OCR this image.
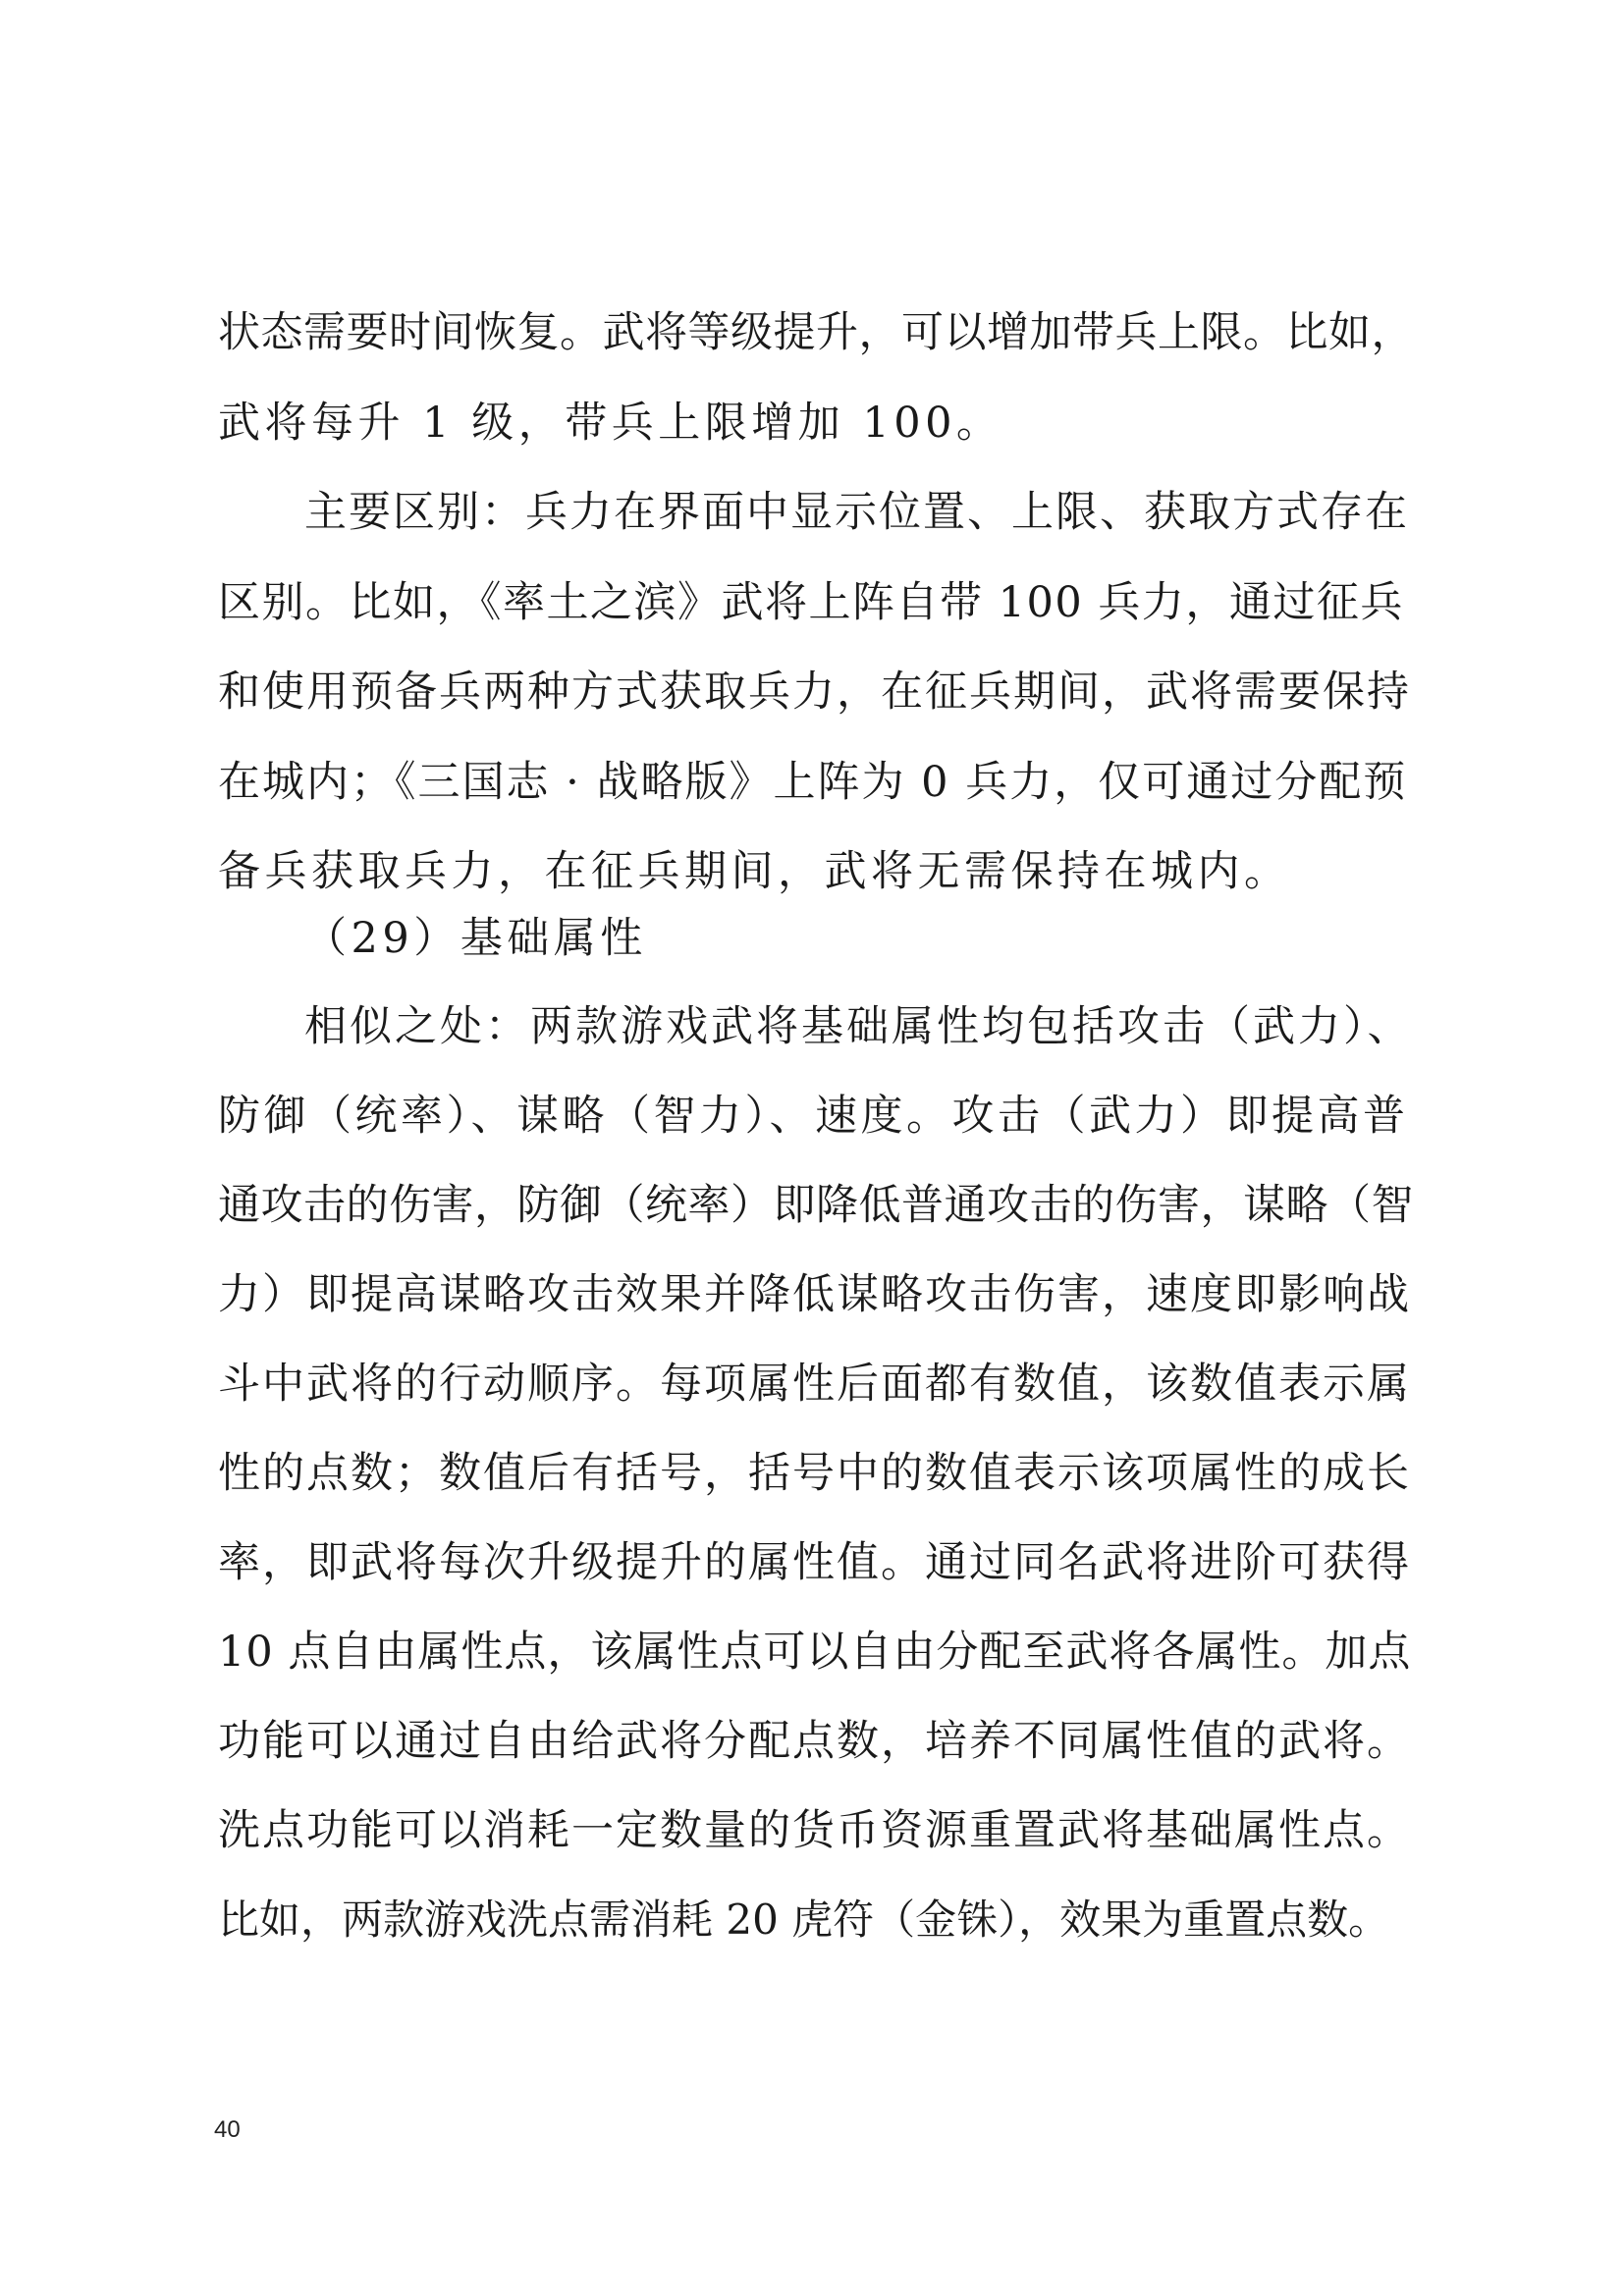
状态需要时间恢复。武将等级提升，可以增加带兵上限。比如，
武将每升 1 级，带兵上限增加 100。
主要区别：兵力在界面中显示位置、上限、获取方式存在
区别。比如，《率土之滨》武将上阵自带 100 兵力，通过征兵
和使用预备兵两种方式获取兵力，在征兵期间，武将需要保持
在城内；《三国志 · 战略版》上阵为 0 兵力，仅可通过分配预
备兵获取兵力，在征兵期间，武将无需保持在城内。
（29）基础属性
相似之处：两款游戏武将基础属性均包括攻击（武力）、
防御（统率）、谋略（智力）、速度。攻击（武力）即提高普
通攻击的伤害，防御（统率）即降低普通攻击的伤害，谋略（智
力）即提高谋略攻击效果并降低谋略攻击伤害，速度即影响战
斗中武将的行动顺序。每项属性后面都有数值，该数值表示属
性的点数；数值后有括号，括号中的数值表示该项属性的成长
率，即武将每次升级提升的属性值。通过同名武将进阶可获得
10 点自由属性点，该属性点可以自由分配至武将各属性。加点
功能可以通过自由给武将分配点数，培养不同属性值的武将。
洗点功能可以消耗一定数量的货币资源重置武将基础属性点。
比如，两款游戏洗点需消耗 20 虎符（金铢），效果为重置点数。
40
